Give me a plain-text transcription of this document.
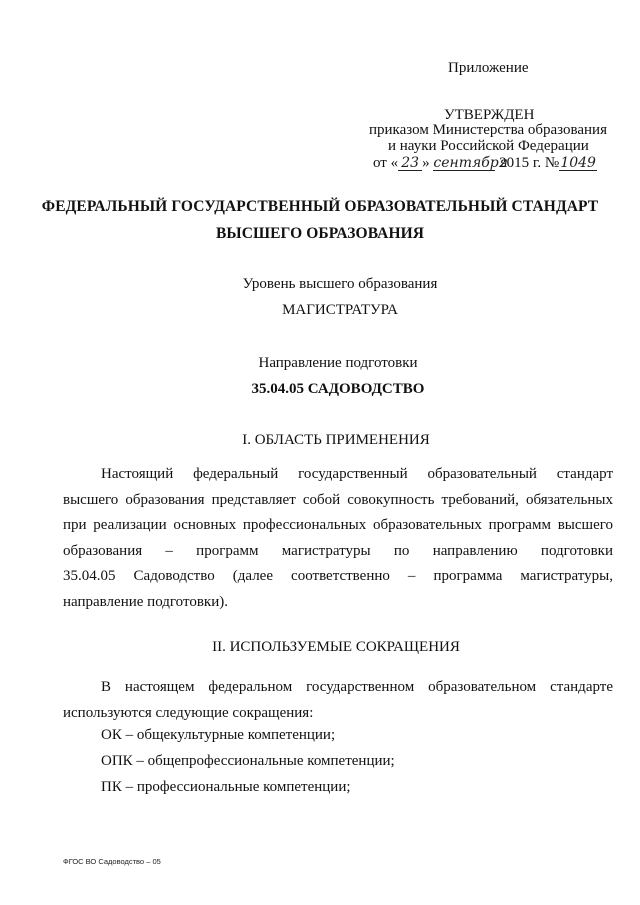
Приложение
УТВЕРЖДЕН
приказом Министерства образования
и науки Российской Федерации
от « 23 » сентября 2015 г. №1049
ФЕДЕРАЛЬНЫЙ ГОСУДАРСТВЕННЫЙ ОБРАЗОВАТЕЛЬНЫЙ СТАНДАРТ
ВЫСШЕГО ОБРАЗОВАНИЯ
Уровень высшего образования
МАГИСТРАТУРА
Направление подготовки
35.04.05 САДОВОДСТВО
I. ОБЛАСТЬ ПРИМЕНЕНИЯ
Настоящий федеральный государственный образовательный стандарт
высшего образования представляет собой совокупность требований, обязательных
при реализации основных профессиональных образовательных программ высшего
образования – программ магистратуры по направлению подготовки
35.04.05 Садоводство (далее соответственно – программа магистратуры,
направление подготовки).
II. ИСПОЛЬЗУЕМЫЕ СОКРАЩЕНИЯ
В настоящем федеральном государственном образовательном стандарте
используются следующие сокращения:
ОК – общекультурные компетенции;
ОПК – общепрофессиональные компетенции;
ПК – профессиональные компетенции;
ФГОС ВО Садоводство – 05
